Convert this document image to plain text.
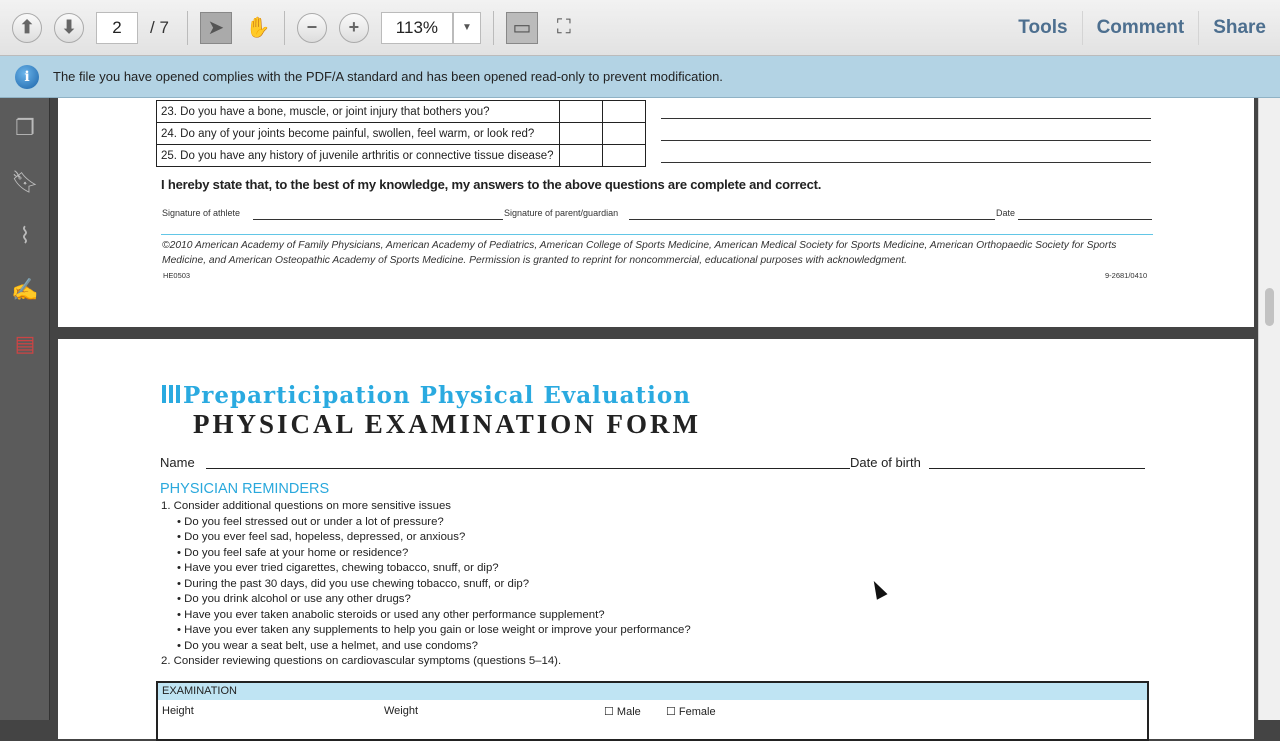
⬆	⬇	2	/ 7	➤	✋	−	+	113%	▼	▭	⛶	Tools	Comment	Share
i	The file you have opened complies with the PDF/A standard and has been opened read-only to prevent modification.
❐
🔖︎
⌇
✍
▤
23. Do you have a bone, muscle, or joint injury that bothers you?		
24. Do any of your joints become painful, swollen, feel warm, or look red?		
25. Do you have any history of juvenile arthritis or connective tissue disease?		
I hereby state that, to the best of my knowledge, my answers to the above questions are complete and correct.
Signature of athlete	Signature of parent/guardian	Date
©2010 American Academy of Family Physicians, American Academy of Pediatrics, American College of Sports Medicine, American Medical Society for Sports Medicine, American Orthopaedic Society for Sports Medicine, and American Osteopathic Academy of Sports Medicine. Permission is granted to reprint for noncommercial, educational purposes with acknowledgment.
HE0503	9-2681/0410
Preparticipation Physical Evaluation
PHYSICAL EXAMINATION FORM
Name	Date of birth
PHYSICIAN REMINDERS
1. Consider additional questions on more sensitive issues
• Do you feel stressed out or under a lot of pressure?
• Do you ever feel sad, hopeless, depressed, or anxious?
• Do you feel safe at your home or residence?
• Have you ever tried cigarettes, chewing tobacco, snuff, or dip?
• During the past 30 days, did you use chewing tobacco, snuff, or dip?
• Do you drink alcohol or use any other drugs?
• Have you ever taken anabolic steroids or used any other performance supplement?
• Have you ever taken any supplements to help you gain or lose weight or improve your performance?
• Do you wear a seat belt, use a helmet, and use condoms?
2. Consider reviewing questions on cardiovascular symptoms (questions 5–14).
EXAMINATION
Height	Weight	☐ Male ☐ Female
